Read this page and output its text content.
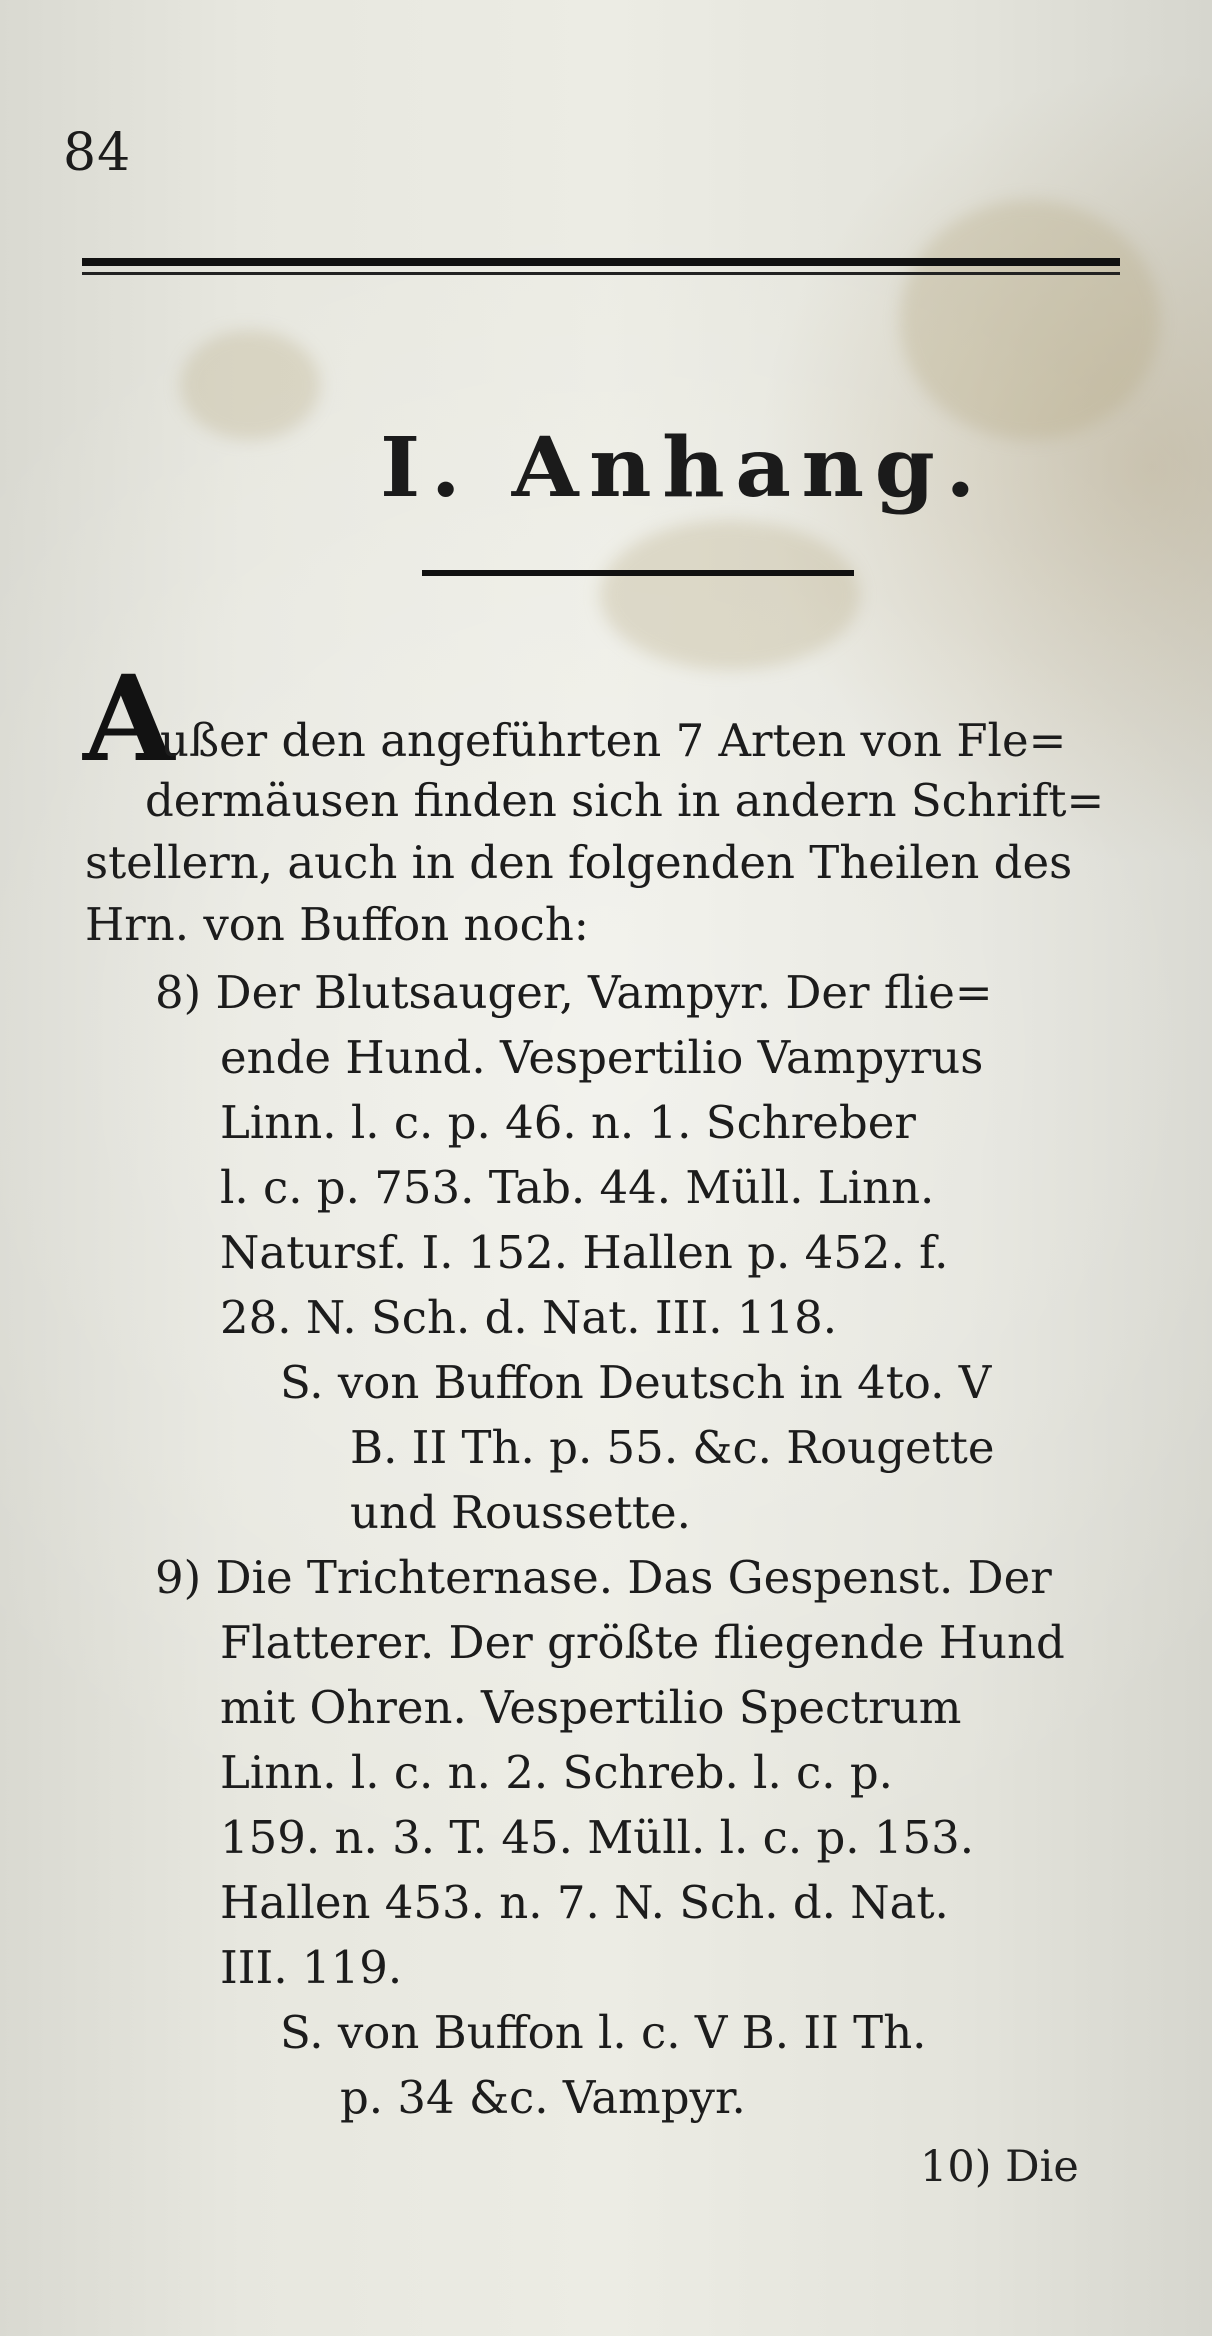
84
I. Anhang.
A
ußer den angeführten 7 Arten von Fle=
dermäusen finden sich in andern Schrift=
stellern, auch in den folgenden Theilen des
Hrn. von Buffon noch:
8) Der Blutsauger, Vampyr. Der flie=
ende Hund. Vespertilio Vampyrus
Linn. l. c. p. 46. n. 1. Schreber
l. c. p. 753. Tab. 44. Müll. Linn.
Natursf. I. 152. Hallen p. 452. f.
28. N. Sch. d. Nat. III. 118.
S. von Buffon Deutsch in 4to. V
B. II Th. p. 55. &c. Rougette
und Roussette.
9) Die Trichternase. Das Gespenst. Der
Flatterer. Der größte fliegende Hund
mit Ohren. Vespertilio Spectrum
Linn. l. c. n. 2. Schreb. l. c. p.
159. n. 3. T. 45. Müll. l. c. p. 153.
Hallen 453. n. 7. N. Sch. d. Nat.
III. 119.
S. von Buffon l. c. V B. II Th.
p. 34 &c. Vampyr.
10) Die
